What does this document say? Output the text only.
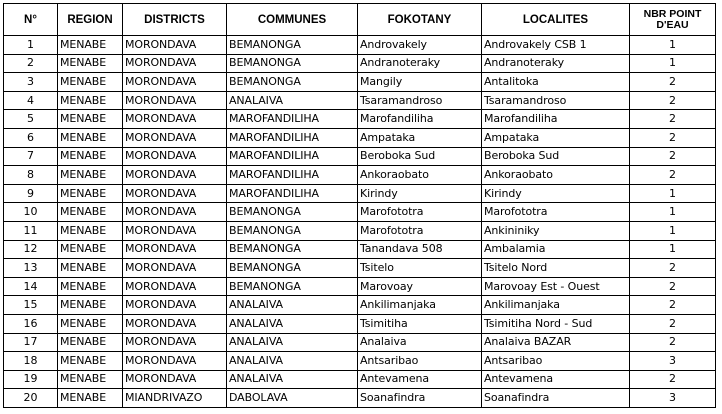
N°	REGION	DISTRICTS	COMMUNES	FOKOTANY	LOCALITES	NBR POINT D'EAU
1	MENABE	MORONDAVA	BEMANONGA	Androvakely	Androvakely CSB 1	1
2	MENABE	MORONDAVA	BEMANONGA	Andranoteraky	Andranoteraky	1
3	MENABE	MORONDAVA	BEMANONGA	Mangily	Antalitoka	2
4	MENABE	MORONDAVA	ANALAIVA	Tsaramandroso	Tsaramandroso	2
5	MENABE	MORONDAVA	MAROFANDILIHA	Marofandiliha	Marofandiliha	2
6	MENABE	MORONDAVA	MAROFANDILIHA	Ampataka	Ampataka	2
7	MENABE	MORONDAVA	MAROFANDILIHA	Beroboka Sud	Beroboka Sud	2
8	MENABE	MORONDAVA	MAROFANDILIHA	Ankoraobato	Ankoraobato	2
9	MENABE	MORONDAVA	MAROFANDILIHA	Kirindy	Kirindy	1
10	MENABE	MORONDAVA	BEMANONGA	Marofototra	Marofototra	1
11	MENABE	MORONDAVA	BEMANONGA	Marofototra	Ankininiky	1
12	MENABE	MORONDAVA	BEMANONGA	Tanandava 508	Ambalamia	1
13	MENABE	MORONDAVA	BEMANONGA	Tsitelo	Tsitelo Nord	2
14	MENABE	MORONDAVA	BEMANONGA	Marovoay	Marovoay Est - Ouest	2
15	MENABE	MORONDAVA	ANALAIVA	Ankilimanjaka	Ankilimanjaka	2
16	MENABE	MORONDAVA	ANALAIVA	Tsimitiha	Tsimitiha Nord - Sud	2
17	MENABE	MORONDAVA	ANALAIVA	Analaiva	Analaiva BAZAR	2
18	MENABE	MORONDAVA	ANALAIVA	Antsaribao	Antsaribao	3
19	MENABE	MORONDAVA	ANALAIVA	Antevamena	Antevamena	2
20	MENABE	MIANDRIVAZO	DABOLAVA	Soanafindra	Soanafindra	3
